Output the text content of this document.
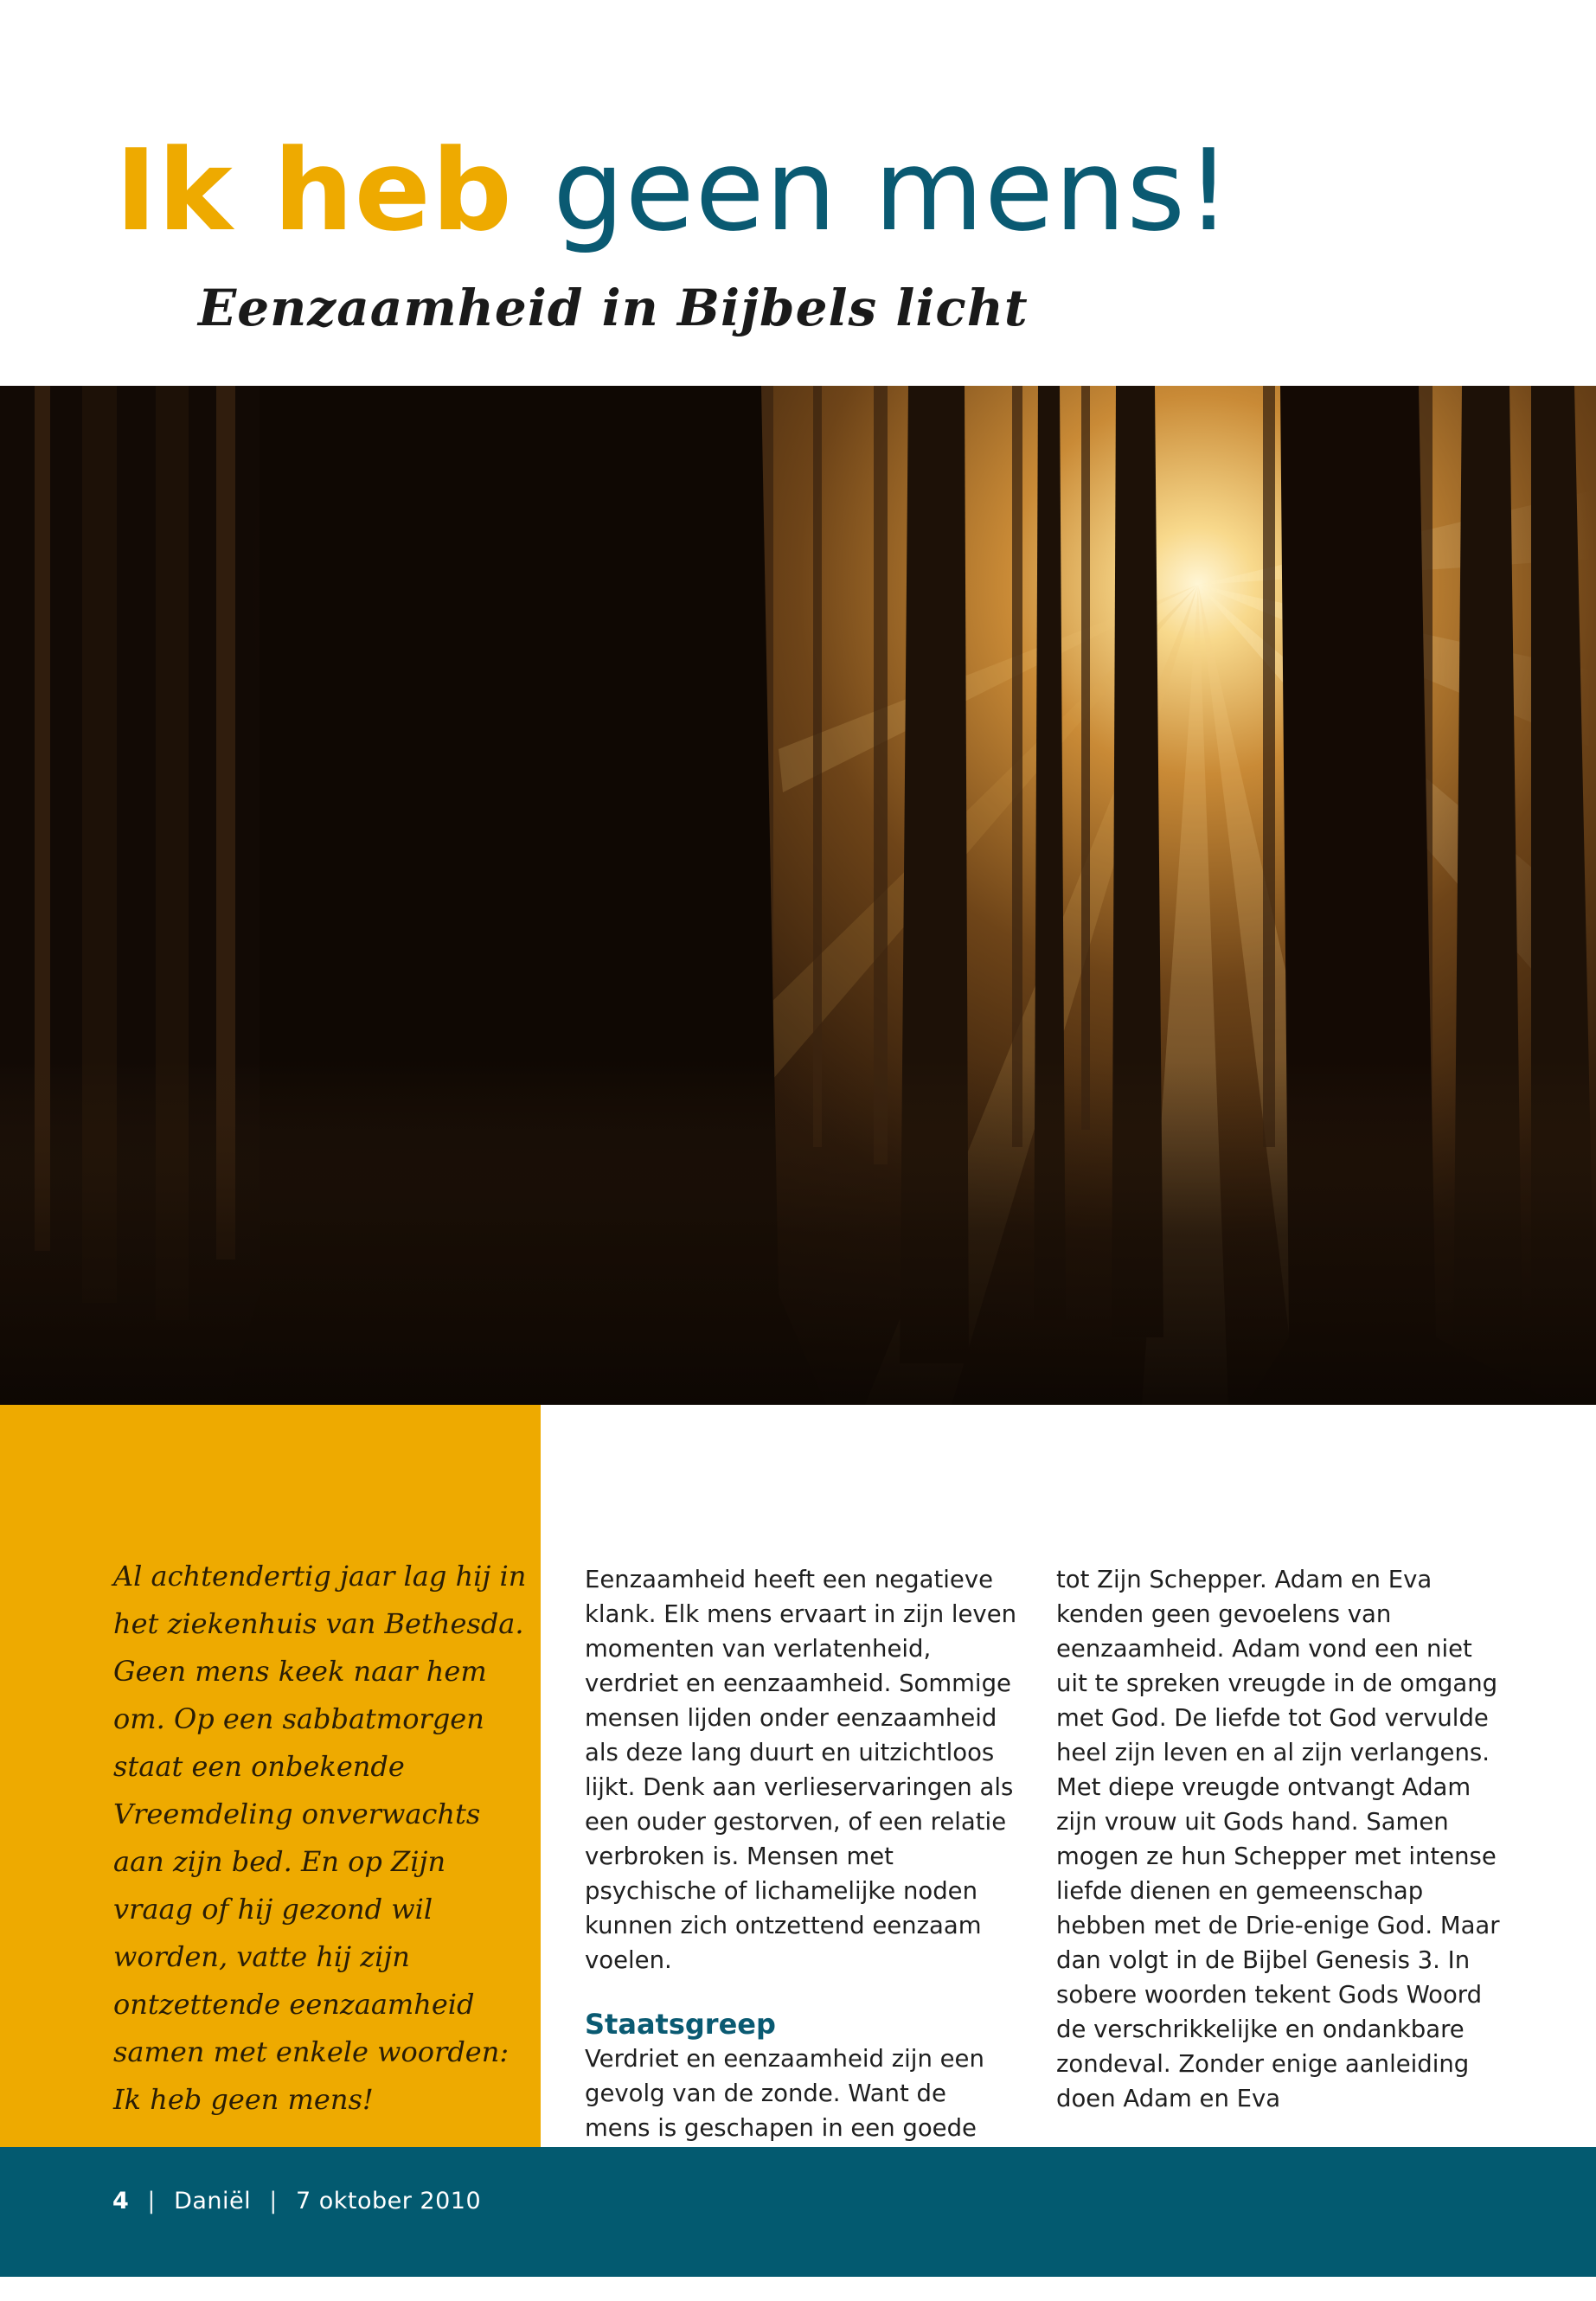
Ik heb geen mens!
Eenzaamheid in Bijbels licht

Al achtendertig jaar lag hij in het ziekenhuis van Bethesda. Geen mens keek naar hem om. Op een sabbatmorgen staat een onbekende Vreemdeling onverwachts aan zijn bed. En op Zijn vraag of hij gezond wil worden, vatte hij zijn ontzettende eenzaamheid samen met enkele woorden: Ik heb geen mens!

Eenzaamheid heeft een negatieve klank. Elk mens ervaart in zijn leven momenten van verlatenheid, verdriet en eenzaamheid. Sommige mensen lijden onder eenzaamheid als deze lang duurt en uitzichtloos lijkt. Denk aan verlieservaringen als een ouder gestorven, of een relatie verbroken is. Mensen met psychische of lichamelijke noden kunnen zich ontzettend eenzaam voelen.

Staatsgreep

Verdriet en eenzaamheid zijn een gevolg van de zonde. Want de mens is geschapen in een goede

tot Zijn Schepper. Adam en Eva kenden geen gevoelens van eenzaamheid. Adam vond een niet uit te spreken vreugde in de omgang met God. De liefde tot God vervulde heel zijn leven en al zijn verlangens. Met diepe vreugde ontvangt Adam zijn vrouw uit Gods hand. Samen mogen ze hun Schepper met intense liefde dienen en gemeenschap hebben met de Drie-enige God. Maar dan volgt in de Bijbel Genesis 3. In sobere woorden tekent Gods Woord de verschrikkelijke en ondankbare zondeval. Zonder enige aanleiding doen Adam en Eva

4 | Daniël | 7 oktober 2010
